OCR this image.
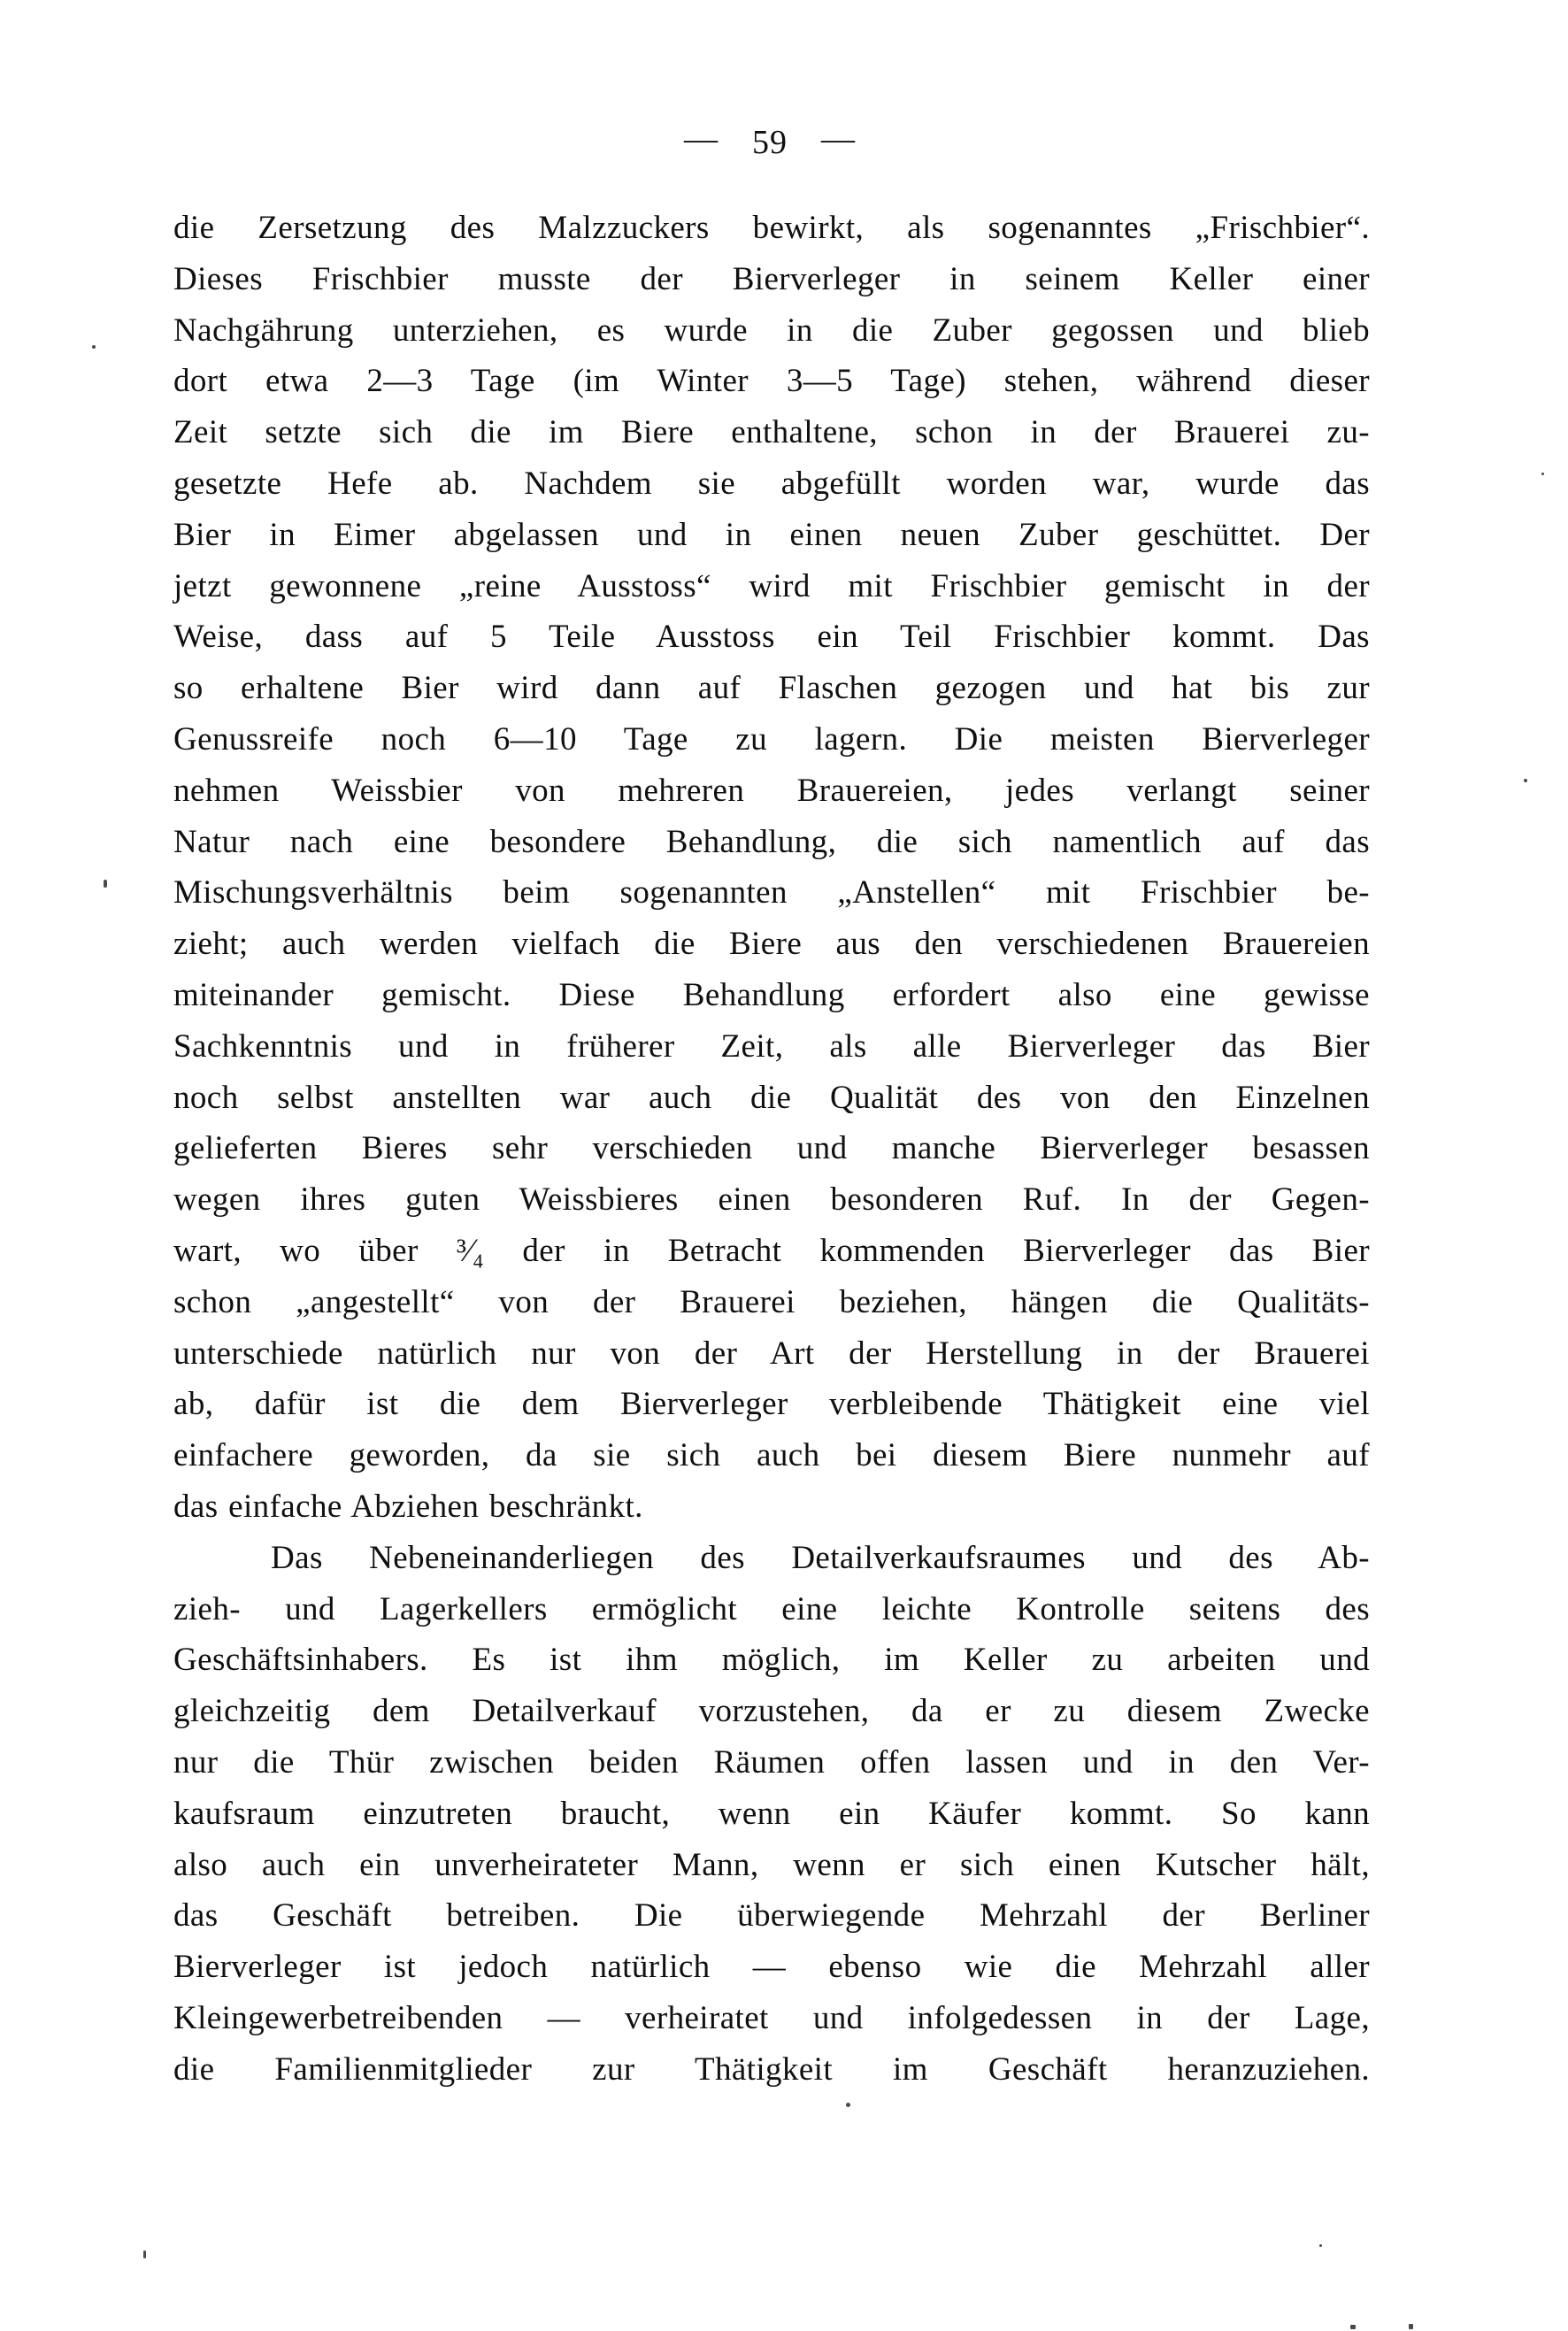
— 59 —
die Zersetzung des Malzzuckers bewirkt, als sogenanntes „Frischbier“.
Dieses Frischbier musste der Bierverleger in seinem Keller einer
Nachgährung unterziehen, es wurde in die Zuber gegossen und blieb
dort etwa 2—3 Tage (im Winter 3—5 Tage) stehen, während dieser
Zeit setzte sich die im Biere enthaltene, schon in der Brauerei zu-
gesetzte Hefe ab. Nachdem sie abgefüllt worden war, wurde das
Bier in Eimer abgelassen und in einen neuen Zuber geschüttet. Der
jetzt gewonnene „reine Ausstoss“ wird mit Frischbier gemischt in der
Weise, dass auf 5 Teile Ausstoss ein Teil Frischbier kommt. Das
so erhaltene Bier wird dann auf Flaschen gezogen und hat bis zur
Genussreife noch 6—10 Tage zu lagern. Die meisten Bierverleger
nehmen Weissbier von mehreren Brauereien, jedes verlangt seiner
Natur nach eine besondere Behandlung, die sich namentlich auf das
Mischungsverhältnis beim sogenannten „Anstellen“ mit Frischbier be-
zieht; auch werden vielfach die Biere aus den verschiedenen Brauereien
miteinander gemischt. Diese Behandlung erfordert also eine gewisse
Sachkenntnis und in früherer Zeit, als alle Bierverleger das Bier
noch selbst anstellten war auch die Qualität des von den Einzelnen
gelieferten Bieres sehr verschieden und manche Bierverleger besassen
wegen ihres guten Weissbieres einen besonderen Ruf. In der Gegen-
wart, wo über ³⁄₄ der in Betracht kommenden Bierverleger das Bier
schon „angestellt“ von der Brauerei beziehen, hängen die Qualitäts-
unterschiede natürlich nur von der Art der Herstellung in der Brauerei
ab, dafür ist die dem Bierverleger verbleibende Thätigkeit eine viel
einfachere geworden, da sie sich auch bei diesem Biere nunmehr auf
das einfache Abziehen beschränkt.
Das Nebeneinanderliegen des Detailverkaufsraumes und des Ab-
zieh- und Lagerkellers ermöglicht eine leichte Kontrolle seitens des
Geschäftsinhabers. Es ist ihm möglich, im Keller zu arbeiten und
gleichzeitig dem Detailverkauf vorzustehen, da er zu diesem Zwecke
nur die Thür zwischen beiden Räumen offen lassen und in den Ver-
kaufsraum einzutreten braucht, wenn ein Käufer kommt. So kann
also auch ein unverheirateter Mann, wenn er sich einen Kutscher hält,
das Geschäft betreiben. Die überwiegende Mehrzahl der Berliner
Bierverleger ist jedoch natürlich — ebenso wie die Mehrzahl aller
Kleingewerbetreibenden — verheiratet und infolgedessen in der Lage,
die Familienmitglieder zur Thätigkeit im Geschäft heranzuziehen.
